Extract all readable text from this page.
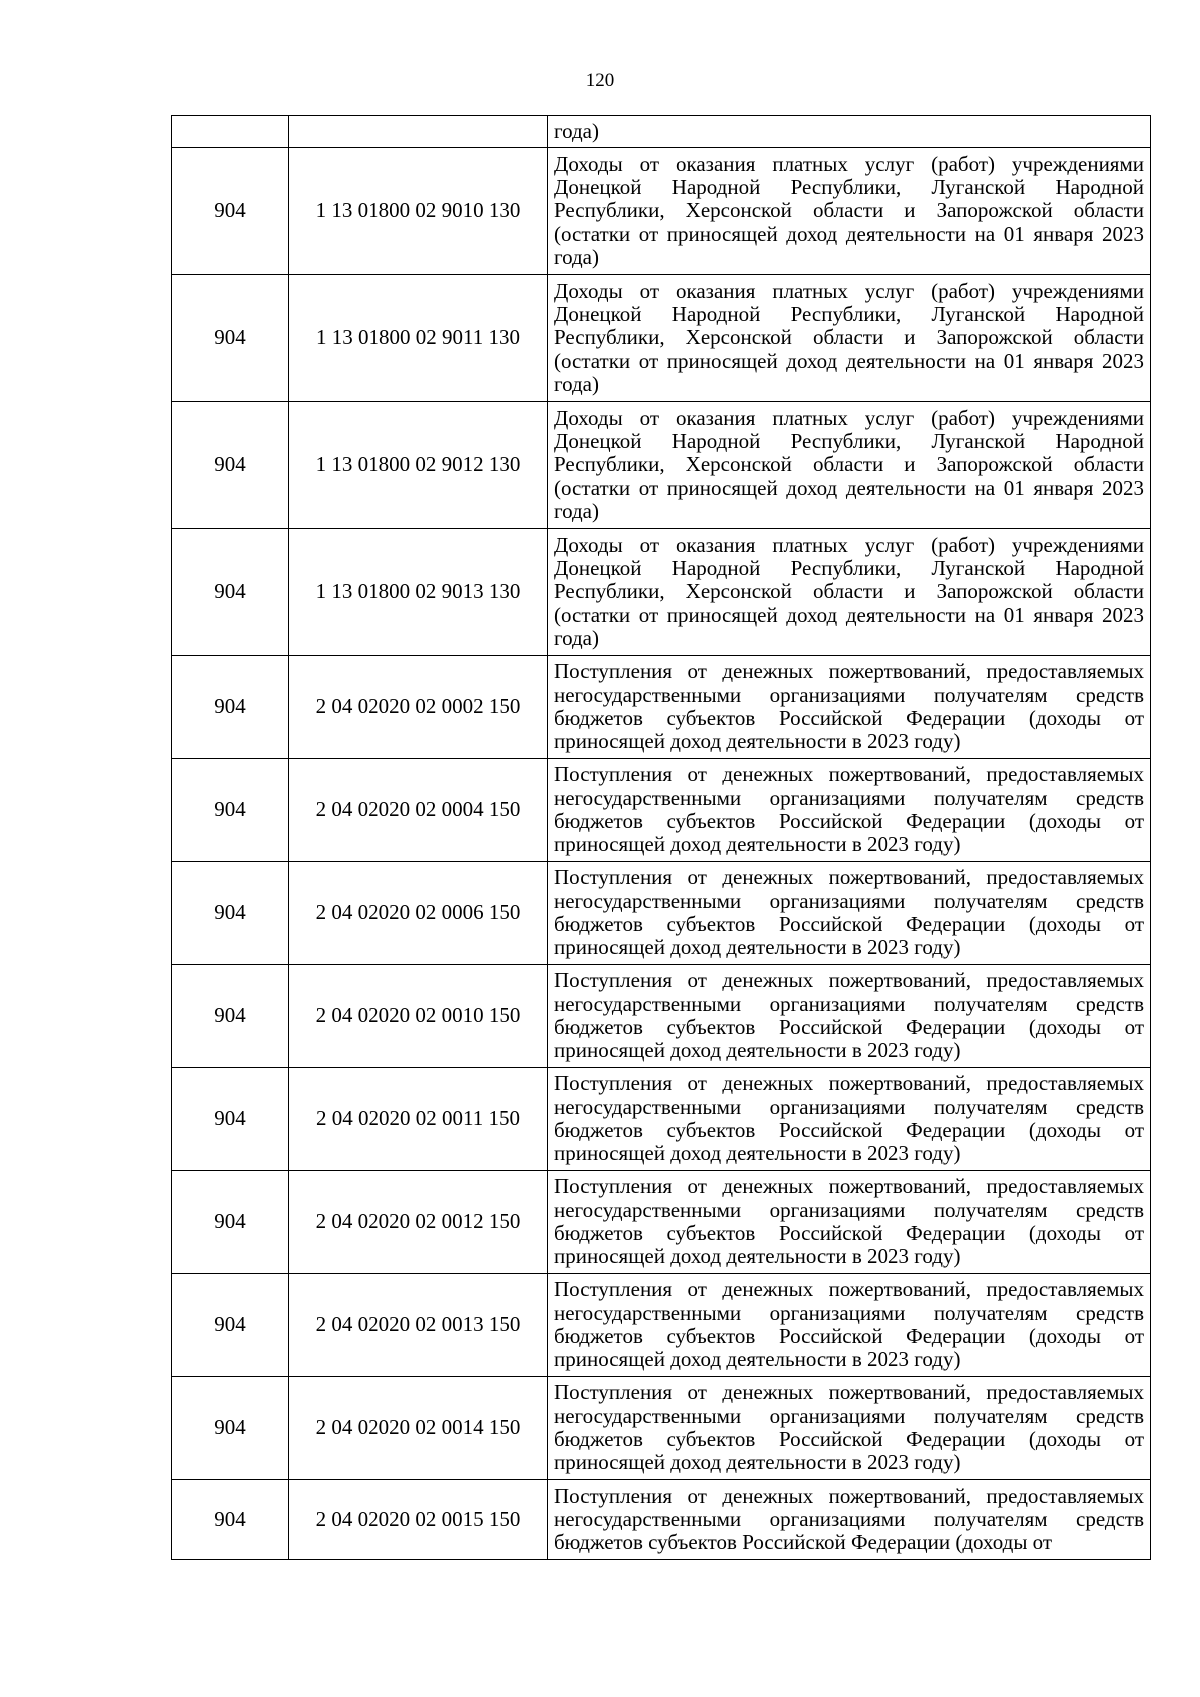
120
		года)
904	1 13 01800 02 9010 130	Доходы от оказания платных услуг (работ) учреждениями Донецкой Народной Республики, Луганской Народной Республики, Херсонской области и Запорожской области (остатки от приносящей доход деятельности на 01 января 2023 года)
904	1 13 01800 02 9011 130	Доходы от оказания платных услуг (работ) учреждениями Донецкой Народной Республики, Луганской Народной Республики, Херсонской области и Запорожской области (остатки от приносящей доход деятельности на 01 января 2023 года)
904	1 13 01800 02 9012 130	Доходы от оказания платных услуг (работ) учреждениями Донецкой Народной Республики, Луганской Народной Республики, Херсонской области и Запорожской области (остатки от приносящей доход деятельности на 01 января 2023 года)
904	1 13 01800 02 9013 130	Доходы от оказания платных услуг (работ) учреждениями Донецкой Народной Республики, Луганской Народной Республики, Херсонской области и Запорожской области (остатки от приносящей доход деятельности на 01 января 2023 года)
904	2 04 02020 02 0002 150	Поступления от денежных пожертвований, предоставляемых негосударственными организациями получателям средств бюджетов субъектов Российской Федерации (доходы от приносящей доход деятельности в 2023 году)
904	2 04 02020 02 0004 150	Поступления от денежных пожертвований, предоставляемых негосударственными организациями получателям средств бюджетов субъектов Российской Федерации (доходы от приносящей доход деятельности в 2023 году)
904	2 04 02020 02 0006 150	Поступления от денежных пожертвований, предоставляемых негосударственными организациями получателям средств бюджетов субъектов Российской Федерации (доходы от приносящей доход деятельности в 2023 году)
904	2 04 02020 02 0010 150	Поступления от денежных пожертвований, предоставляемых негосударственными организациями получателям средств бюджетов субъектов Российской Федерации (доходы от приносящей доход деятельности в 2023 году)
904	2 04 02020 02 0011 150	Поступления от денежных пожертвований, предоставляемых негосударственными организациями получателям средств бюджетов субъектов Российской Федерации (доходы от приносящей доход деятельности в 2023 году)
904	2 04 02020 02 0012 150	Поступления от денежных пожертвований, предоставляемых негосударственными организациями получателям средств бюджетов субъектов Российской Федерации (доходы от приносящей доход деятельности в 2023 году)
904	2 04 02020 02 0013 150	Поступления от денежных пожертвований, предоставляемых негосударственными организациями получателям средств бюджетов субъектов Российской Федерации (доходы от приносящей доход деятельности в 2023 году)
904	2 04 02020 02 0014 150	Поступления от денежных пожертвований, предоставляемых негосударственными организациями получателям средств бюджетов субъектов Российской Федерации (доходы от приносящей доход деятельности в 2023 году)
904	2 04 02020 02 0015 150	Поступления от денежных пожертвований, предоставляемых негосударственными организациями получателям средств бюджетов субъектов Российской Федерации (доходы от
